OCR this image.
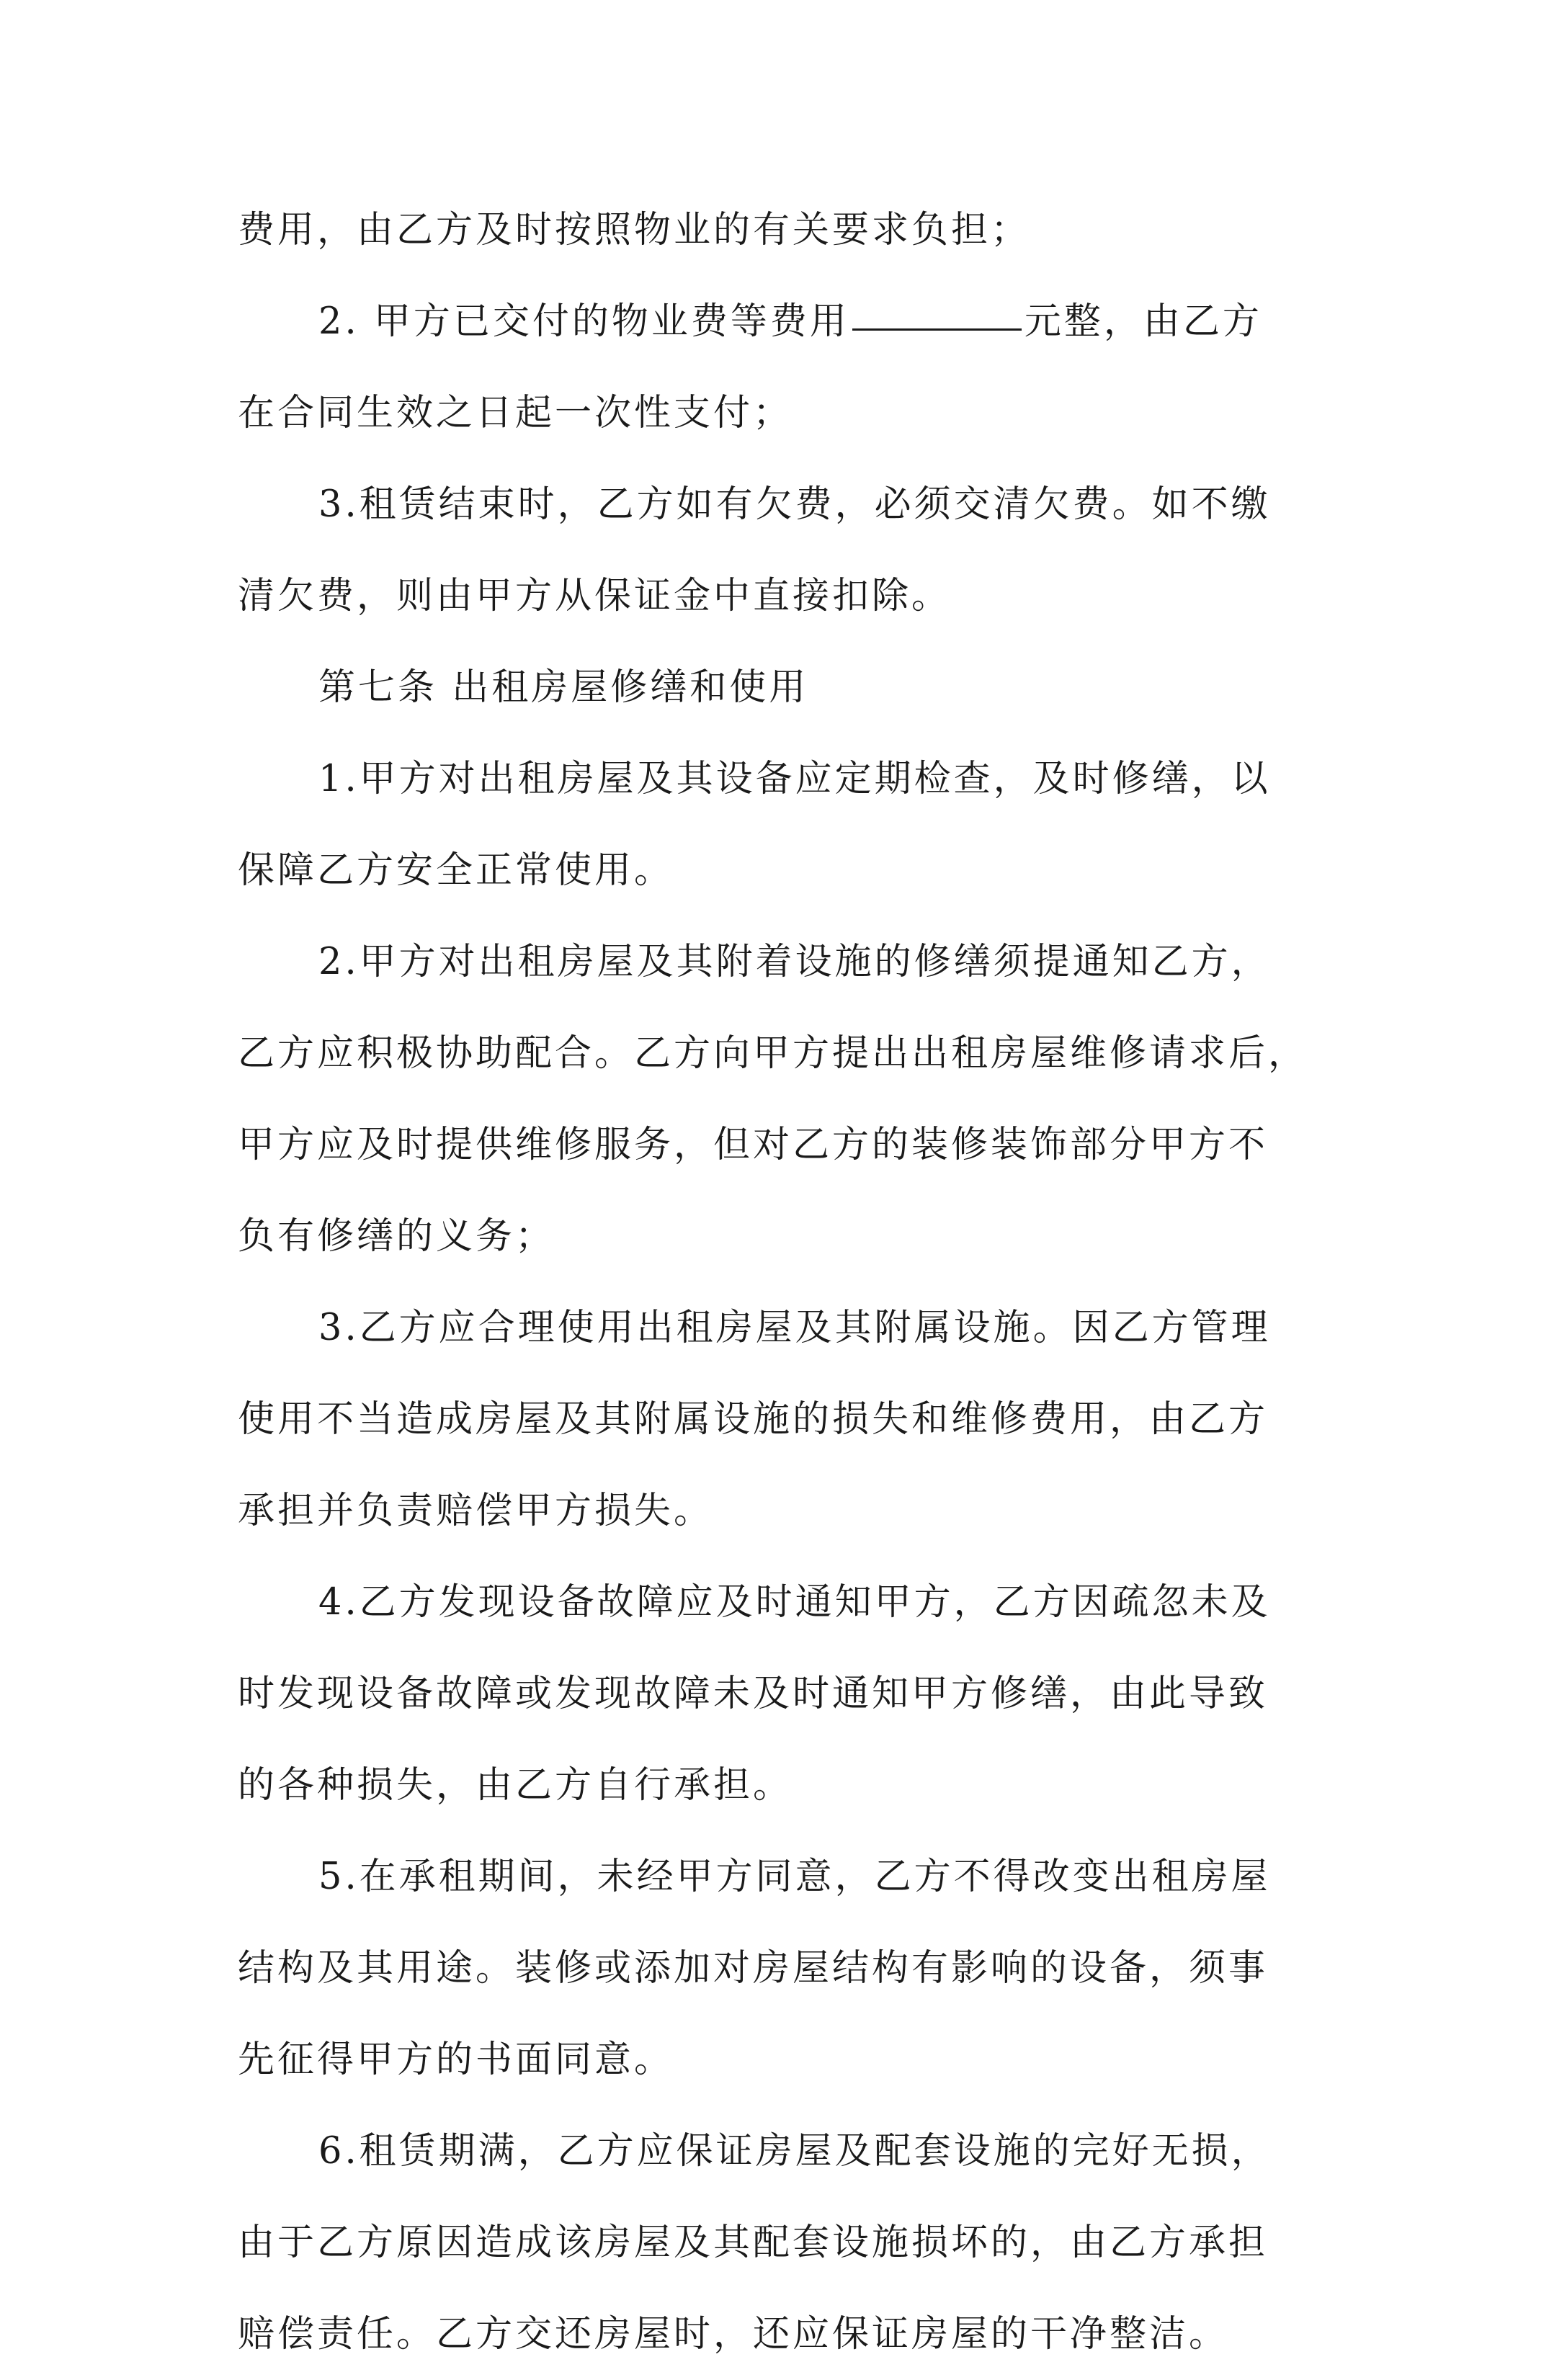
费用，由乙方及时按照物业的有关要求负担；

2. 甲方已交付的物业费等费用	元整，由乙方

在合同生效之日起一次性支付；

3.租赁结束时，乙方如有欠费，必须交清欠费。如不缴

清欠费，则由甲方从保证金中直接扣除。

第七条 出租房屋修缮和使用

1.甲方对出租房屋及其设备应定期检查，及时修缮，以

保障乙方安全正常使用。

2.甲方对出租房屋及其附着设施的修缮须提通知乙方，

乙方应积极协助配合。乙方向甲方提出出租房屋维修请求后，

甲方应及时提供维修服务，但对乙方的装修装饰部分甲方不

负有修缮的义务；

3.乙方应合理使用出租房屋及其附属设施。因乙方管理

使用不当造成房屋及其附属设施的损失和维修费用，由乙方

承担并负责赔偿甲方损失。

4.乙方发现设备故障应及时通知甲方，乙方因疏忽未及

时发现设备故障或发现故障未及时通知甲方修缮，由此导致

的各种损失，由乙方自行承担。

5.在承租期间，未经甲方同意，乙方不得改变出租房屋

结构及其用途。装修或添加对房屋结构有影响的设备，须事

先征得甲方的书面同意。

6.租赁期满，乙方应保证房屋及配套设施的完好无损，

由于乙方原因造成该房屋及其配套设施损坏的，由乙方承担

赔偿责任。乙方交还房屋时，还应保证房屋的干净整洁。
